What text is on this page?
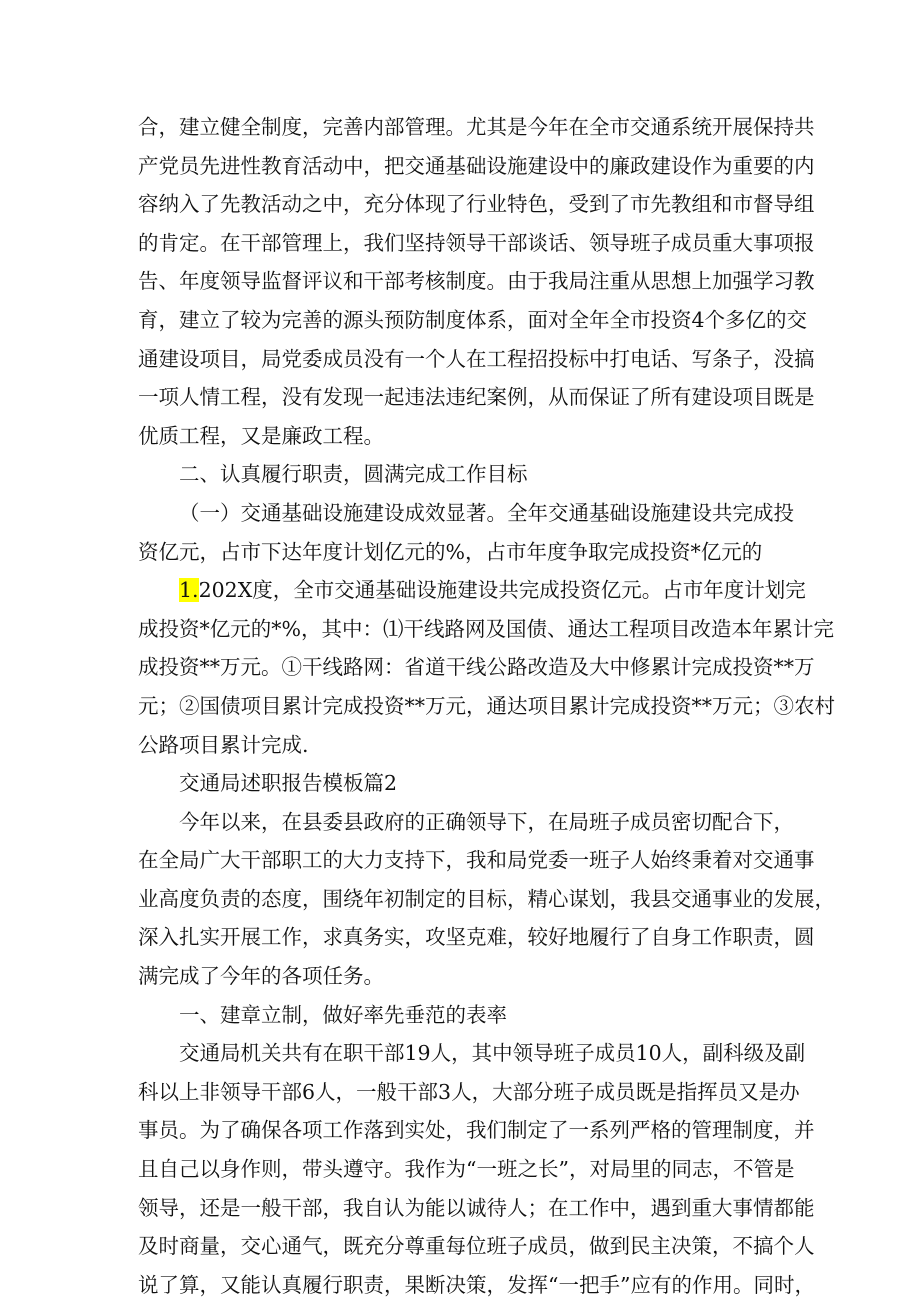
合，建立健全制度，完善内部管理。尤其是今年在全市交通系统开展保持共
产党员先进性教育活动中，把交通基础设施建设中的廉政建设作为重要的内
容纳入了先教活动之中，充分体现了行业特色，受到了市先教组和市督导组
的肯定。在干部管理上，我们坚持领导干部谈话、领导班子成员重大事项报
告、年度领导监督评议和干部考核制度。由于我局注重从思想上加强学习教
育，建立了较为完善的源头预防制度体系，面对全年全市投资4个多亿的交
通建设项目，局党委成员没有一个人在工程招投标中打电话、写条子，没搞
一项人情工程，没有发现一起违法违纪案例，从而保证了所有建设项目既是
优质工程，又是廉政工程。
二、认真履行职责，圆满完成工作目标
（一）交通基础设施建设成效显著。全年交通基础设施建设共完成投
资亿元，占市下达年度计划亿元的%，占市年度争取完成投资*亿元的
1.202X度，全市交通基础设施建设共完成投资亿元。占市年度计划完
成投资*亿元的*%，其中：⑴干线路网及国债、通达工程项目改造本年累计完
成投资**万元。①干线路网：省道干线公路改造及大中修累计完成投资**万
元；②国债项目累计完成投资**万元，通达项目累计完成投资**万元；③农村
公路项目累计完成.
交通局述职报告模板篇2
今年以来，在县委县政府的正确领导下，在局班子成员密切配合下，
在全局广大干部职工的大力支持下，我和局党委一班子人始终秉着对交通事
业高度负责的态度，围绕年初制定的目标，精心谋划，我县交通事业的发展，
深入扎实开展工作，求真务实，攻坚克难，较好地履行了自身工作职责，圆
满完成了今年的各项任务。
一、建章立制，做好率先垂范的表率
交通局机关共有在职干部19人，其中领导班子成员10人，副科级及副
科以上非领导干部6人，一般干部3人，大部分班子成员既是指挥员又是办
事员。为了确保各项工作落到实处，我们制定了一系列严格的管理制度，并
且自己以身作则，带头遵守。我作为“一班之长”，对局里的同志，不管是
领导，还是一般干部，我自认为能以诚待人；在工作中，遇到重大事情都能
及时商量，交心通气，既充分尊重每位班子成员，做到民主决策，不搞个人
说了算，又能认真履行职责，果断决策，发挥“一把手”应有的作用。同时，
